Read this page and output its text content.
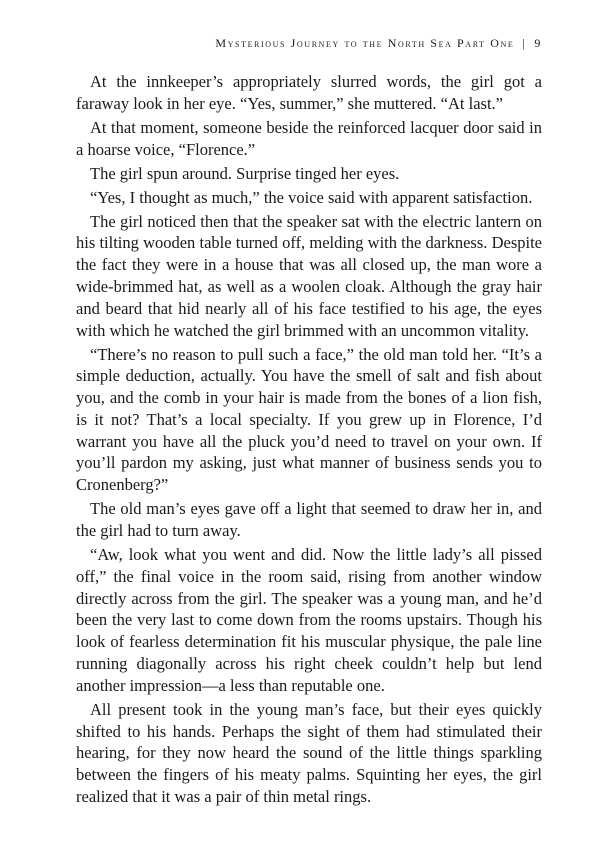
Mysterious Journey to the North Sea Part One | 9

At the innkeeper’s appropriately slurred words, the girl got a faraway look in her eye. “Yes, summer,” she muttered. “At last.”

At that moment, someone beside the reinforced lacquer door said in a hoarse voice, “Florence.”

The girl spun around. Surprise tinged her eyes.

“Yes, I thought as much,” the voice said with apparent satisfaction.

The girl noticed then that the speaker sat with the electric lantern on his tilting wooden table turned off, melding with the darkness. Despite the fact they were in a house that was all closed up, the man wore a wide-brimmed hat, as well as a woolen cloak. Although the gray hair and beard that hid nearly all of his face testified to his age, the eyes with which he watched the girl brimmed with an uncommon vitality.

“There’s no reason to pull such a face,” the old man told her. “It’s a simple deduction, actually. You have the smell of salt and fish about you, and the comb in your hair is made from the bones of a lion fish, is it not? That’s a local specialty. If you grew up in Florence, I’d warrant you have all the pluck you’d need to travel on your own. If you’ll pardon my asking, just what manner of business sends you to Cronenberg?”

The old man’s eyes gave off a light that seemed to draw her in, and the girl had to turn away.

“Aw, look what you went and did. Now the little lady’s all pissed off,” the final voice in the room said, rising from another window directly across from the girl. The speaker was a young man, and he’d been the very last to come down from the rooms upstairs. Though his look of fearless determination fit his muscular physique, the pale line running diagonally across his right cheek couldn’t help but lend another impression—a less than reputable one.

All present took in the young man’s face, but their eyes quickly shifted to his hands. Perhaps the sight of them had stimulated their hearing, for they now heard the sound of the little things sparkling between the fingers of his meaty palms. Squinting her eyes, the girl realized that it was a pair of thin metal rings.
